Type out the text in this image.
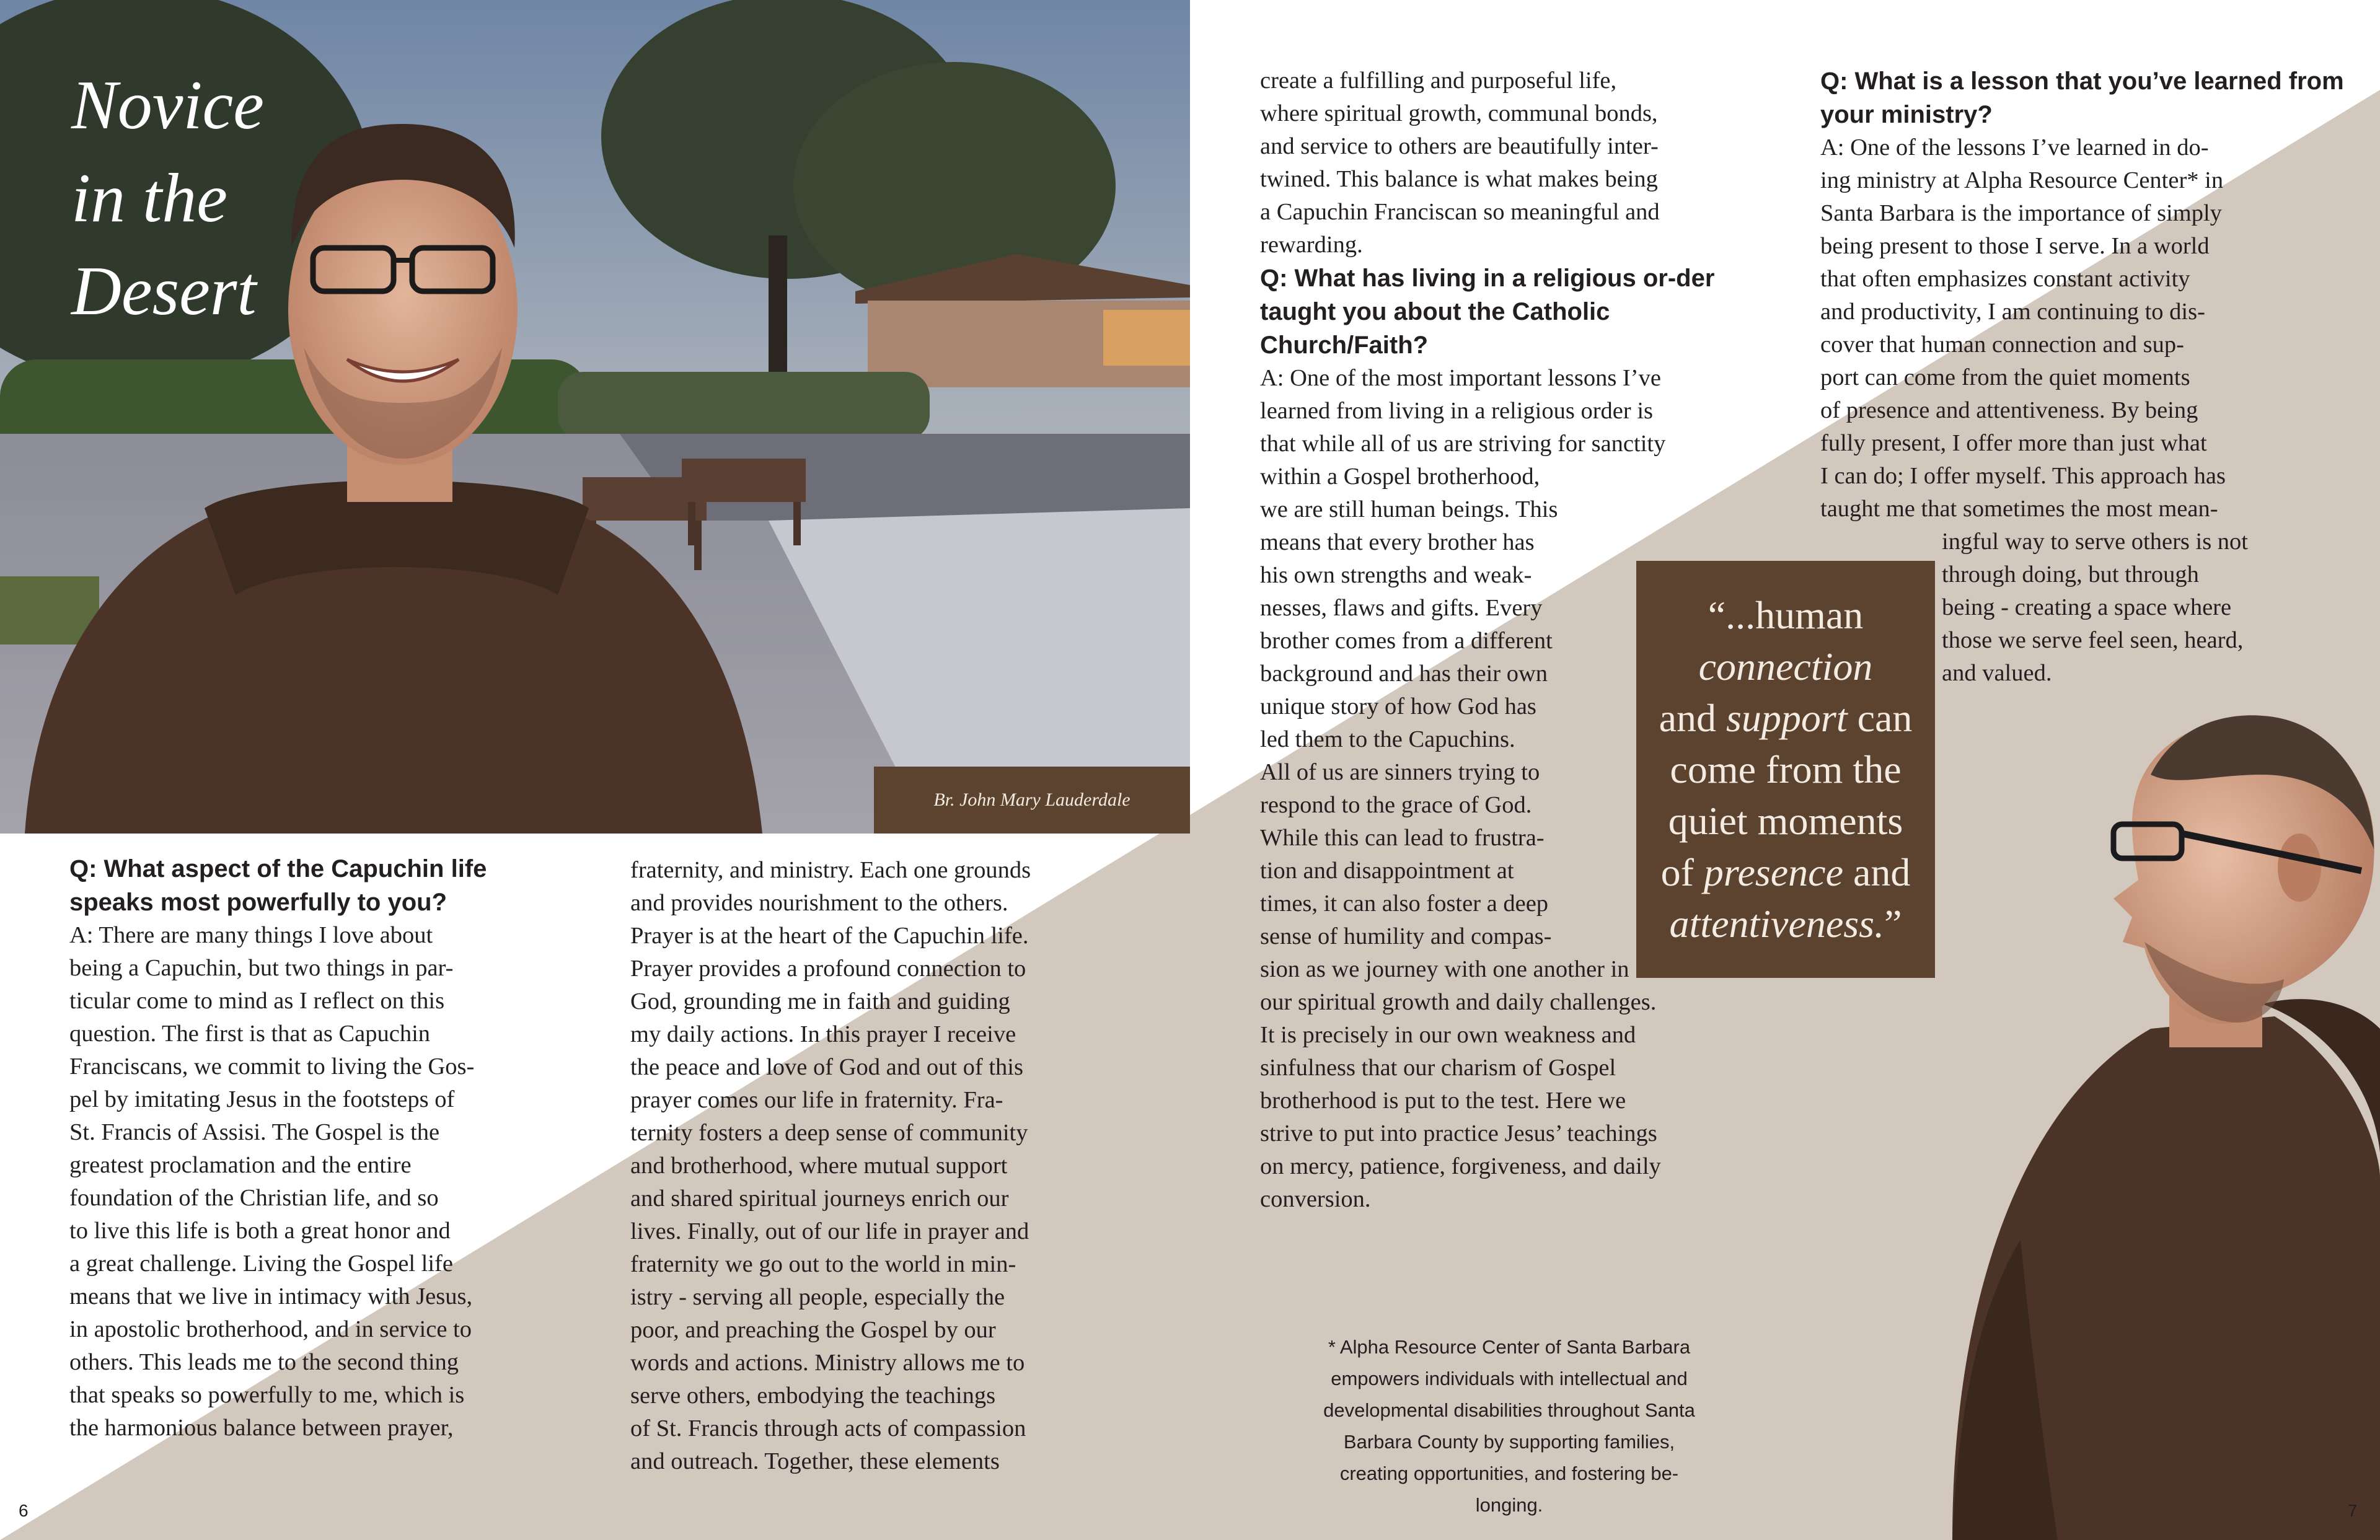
Novice
in the
Desert
Br. John Mary Lauderdale

Q: What aspect of the Capuchin life speaks most powerfully to you?

A: There are many things I love about
being a Capuchin, but two things in par-
ticular come to mind as I reflect on this
question. The first is that as Capuchin
Franciscans, we commit to living the Gos-
pel by imitating Jesus in the footsteps of
St. Francis of Assisi. The Gospel is the
greatest proclamation and the entire
foundation of the Christian life, and so
to live this life is both a great honor and
a great challenge. Living the Gospel life
means that we live in intimacy with Jesus,
in apostolic brotherhood, and in service to
others. This leads me to the second thing
that speaks so powerfully to me, which is
the harmonious balance between prayer,

fraternity, and ministry. Each one grounds
and provides nourishment to the others.
Prayer is at the heart of the Capuchin life.
Prayer provides a profound connection to
God, grounding me in faith and guiding
my daily actions. In this prayer I receive
the peace and love of God and out of this
prayer comes our life in fraternity. Fra-
ternity fosters a deep sense of community
and brotherhood, where mutual support
and shared spiritual journeys enrich our
lives. Finally, out of our life in prayer and
fraternity we go out to the world in min-
istry - serving all people, especially the
poor, and preaching the Gospel by our
words and actions. Ministry allows me to
serve others, embodying the teachings
of St. Francis through acts of compassion
and outreach. Together, these elements

create a fulfilling and purposeful life,
where spiritual growth, communal bonds,
and service to others are beautifully inter-
twined. This balance is what makes being
a Capuchin Franciscan so meaningful and
rewarding.

Q: What has living in a religious or-der taught you about the Catholic Church/Faith?

A: One of the most important lessons I’ve
learned from living in a religious order is
that while all of us are striving for sanctity
within a Gospel brotherhood,
we are still human beings. This
means that every brother has
his own strengths and weak-
nesses, flaws and gifts. Every
brother comes from a different
background and has their own
unique story of how God has
led them to the Capuchins.
All of us are sinners trying to
respond to the grace of God.
While this can lead to frustra-
tion and disappointment at
times, it can also foster a deep
sense of humility and compas-
sion as we journey with one another in
our spiritual growth and daily challenges.
It is precisely in our own weakness and
sinfulness that our charism of Gospel
brotherhood is put to the test. Here we
strive to put into practice Jesus’ teachings
on mercy, patience, forgiveness, and daily
conversion.

* Alpha Resource Center of Santa Barbara
empowers individuals with intellectual and
developmental disabilities throughout Santa
Barbara County by supporting families,
creating opportunities, and fostering be-
longing.

Q: What is a lesson that you’ve learned from your ministry?

A: One of the lessons I’ve learned in do-
ing ministry at Alpha Resource Center* in
Santa Barbara is the importance of simply
being present to those I serve. In a world
that often emphasizes constant activity
and productivity, I am continuing to dis-
cover that human connection and sup-
port can come from the quiet moments
of presence and attentiveness. By being
fully present, I offer more than just what
I can do; I offer myself. This approach has
taught me that sometimes the most mean-

ingful way to serve others is not
through doing, but through
being - creating a space where
those we serve feel seen, heard,
and valued.

“...human
connection
and support can
come from the
quiet moments
of presence and
attentiveness.”
6	7
